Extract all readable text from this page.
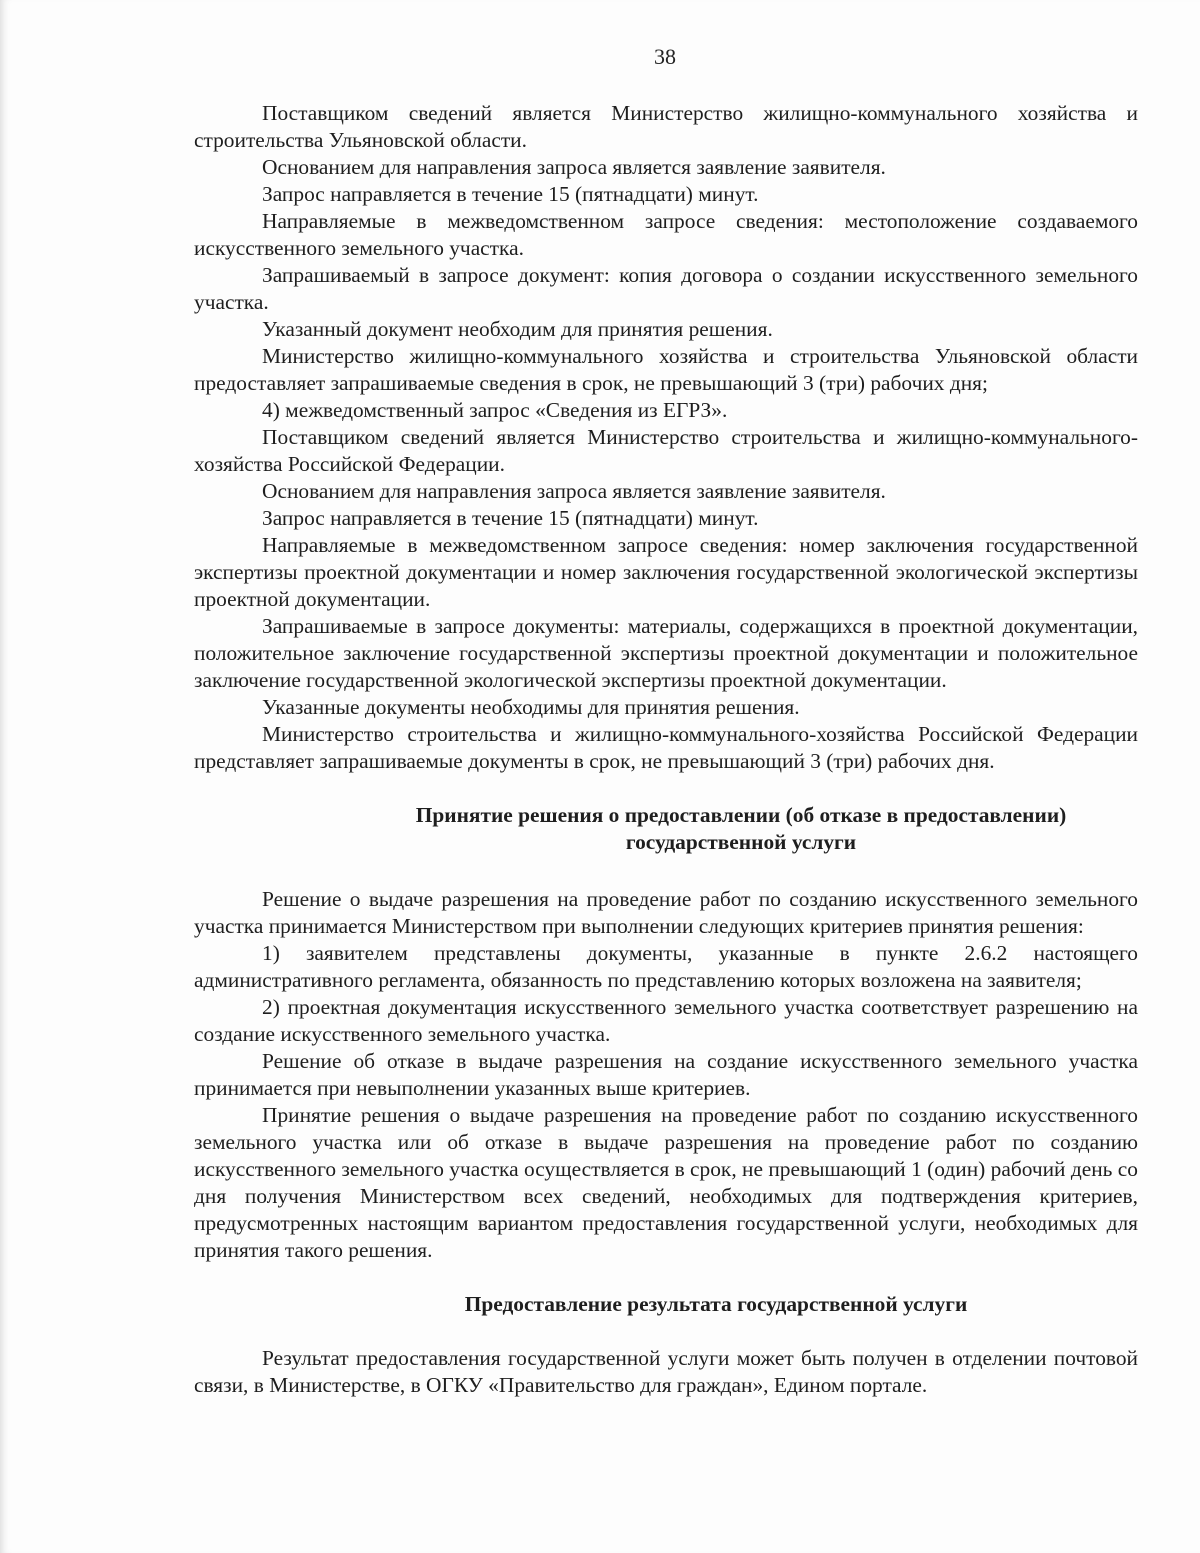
38

Поставщиком сведений является Министерство жилищно-коммунального хозяйства и строительства Ульяновской области.

Основанием для направления запроса является заявление заявителя.

Запрос направляется в течение 15 (пятнадцати) минут.

Направляемые в межведомственном запросе сведения: местоположение создаваемого искусственного земельного участка.

Запрашиваемый в запросе документ: копия договора о создании искусственного земельного участка.

Указанный документ необходим для принятия решения.

Министерство жилищно-коммунального хозяйства и строительства Ульяновской области предоставляет запрашиваемые сведения в срок, не превышающий 3 (три) рабочих дня;

4) межведомственный запрос «Сведения из ЕГРЗ».

Поставщиком сведений является Министерство строительства и жилищно-коммунального-хозяйства Российской Федерации.

Основанием для направления запроса является заявление заявителя.

Запрос направляется в течение 15 (пятнадцати) минут.

Направляемые в межведомственном запросе сведения: номер заключения государственной экспертизы проектной документации и номер заключения государственной экологической экспертизы проектной документации.

Запрашиваемые в запросе документы: материалы, содержащихся в проектной документации, положительное заключение государственной экспертизы проектной документации и положительное заключение государственной экологической экспертизы проектной документации.

Указанные документы необходимы для принятия решения.

Министерство строительства и жилищно-коммунального-хозяйства Российской Федерации представляет запрашиваемые документы в срок, не превышающий 3 (три) рабочих дня.

Принятие решения о предоставлении (об отказе в предоставлении) государственной услуги

Решение о выдаче разрешения на проведение работ по созданию искусственного земельного участка принимается Министерством при выполнении следующих критериев принятия решения:

1) заявителем представлены документы, указанные в пункте 2.6.2 настоящего административного регламента, обязанность по представлению которых возложена на заявителя;

2) проектная документация искусственного земельного участка соответствует разрешению на создание искусственного земельного участка.

Решение об отказе в выдаче разрешения на создание искусственного земельного участка принимается при невыполнении указанных выше критериев.

Принятие решения о выдаче разрешения на проведение работ по созданию искусственного земельного участка или об отказе в выдаче разрешения на проведение работ по созданию искусственного земельного участка осуществляется в срок, не превышающий 1 (один) рабочий день со дня получения Министерством всех сведений, необходимых для подтверждения критериев, предусмотренных настоящим вариантом предоставления государственной услуги, необходимых для принятия такого решения.

Предоставление результата государственной услуги

Результат предоставления государственной услуги может быть получен в отделении почтовой связи, в Министерстве, в ОГКУ «Правительство для граждан», Едином портале.
